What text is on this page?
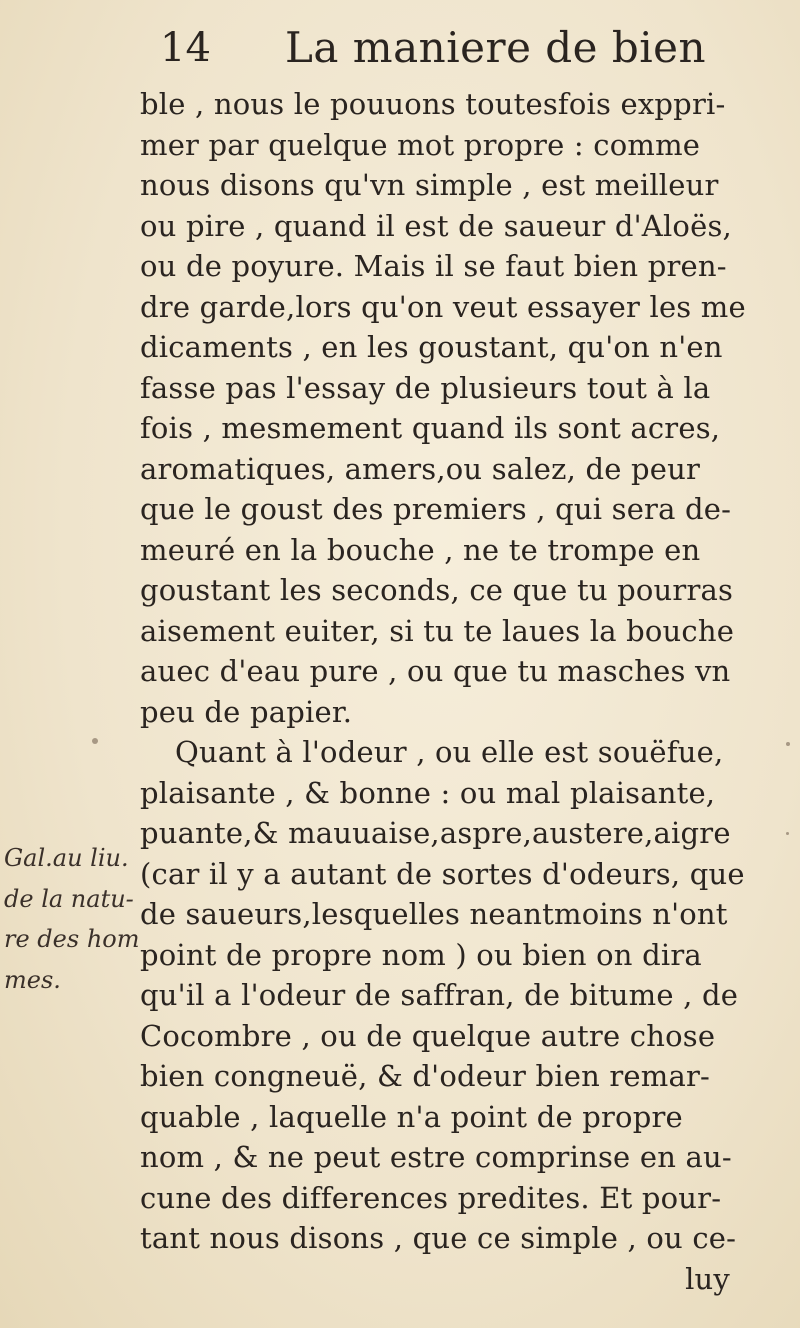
14 La maniere de bien
ble , nous le pouuons toutesfois exppri-
mer par quelque mot propre : comme
nous disons qu'vn simple , est meilleur
ou pire , quand il est de saueur d'Aloës,
ou de poyure. Mais il se faut bien pren-
dre garde,lors qu'on veut essayer les me
dicaments , en les goustant, qu'on n'en
fasse pas l'essay de plusieurs tout à la
fois , mesmement quand ils sont acres,
aromatiques, amers,ou salez, de peur
que le goust des premiers , qui sera de-
meuré en la bouche , ne te trompe en
goustant les seconds, ce que tu pourras
aisement euiter, si tu te laues la bouche
auec d'eau pure , ou que tu masches vn
peu de papier.
Quant à l'odeur , ou elle est souëfue,
plaisante , & bonne : ou mal plaisante,
puante,& mauuaise,aspre,austere,aigre
(car il y a autant de sortes d'odeurs, que
de saueurs,lesquelles neantmoins n'ont
point de propre nom ) ou bien on dira
qu'il a l'odeur de saffran, de bitume , de
Cocombre , ou de quelque autre chose
bien congneuë, & d'odeur bien remar-
quable , laquelle n'a point de propre
nom , & ne peut estre comprinse en au-
cune des differences predites. Et pour-
tant nous disons , que ce simple , ou ce-
luy
Gal.au liu.
de la natu-
re des hom
mes.
